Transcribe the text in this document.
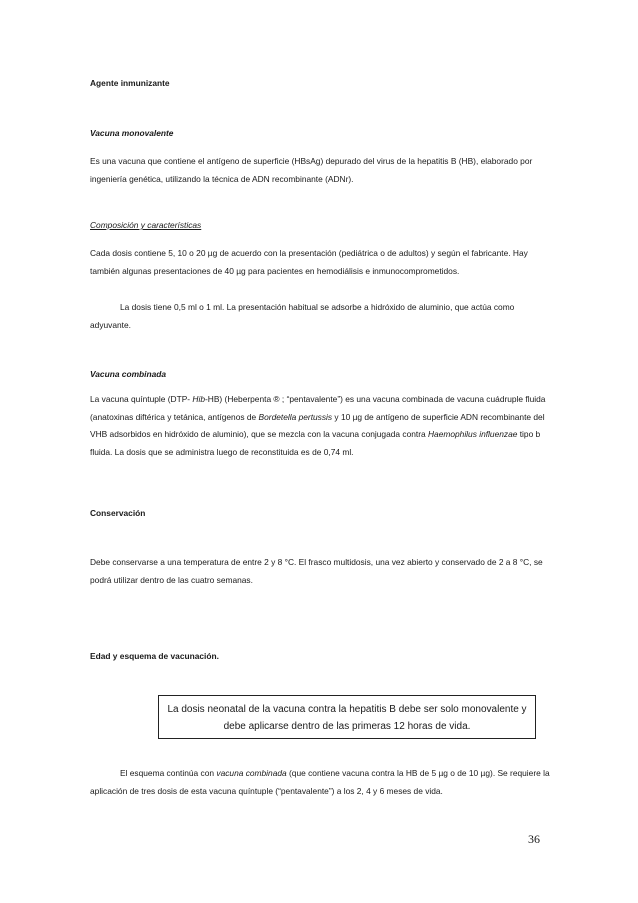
Agente inmunizante
Vacuna monovalente
Es una vacuna que contiene el antígeno de superficie (HBsAg) depurado del virus de la hepatitis B (HB), elaborado por ingeniería genética, utilizando la técnica de ADN recombinante (ADNr).
Composición y características
Cada dosis contiene 5, 10 o 20 µg de acuerdo con la presentación (pediátrica o de adultos) y según el fabricante. Hay también algunas presentaciones de 40 µg para pacientes en hemodiálisis e inmunocomprometidos.
La dosis tiene 0,5 ml o 1 ml. La presentación habitual se adsorbe a hidróxido de aluminio, que actúa como adyuvante.
Vacuna combinada
La vacuna quíntuple (DTP- Hib-HB) (Heberpenta ® ; “pentavalente”) es una vacuna combinada de vacuna cuádruple fluida (anatoxinas diftérica y tetánica, antígenos de Bordetella pertussis y 10 µg de antígeno de superficie ADN recombinante del VHB adsorbidos en hidróxido de aluminio), que se mezcla con la vacuna conjugada contra Haemophilus influenzae tipo b fluida. La dosis que se administra luego de reconstituida es de 0,74 ml.
Conservación
Debe conservarse a una temperatura de entre 2 y 8 °C. El frasco multidosis, una vez abierto y conservado de 2 a 8 °C, se podrá utilizar dentro de las cuatro semanas.
Edad y esquema de vacunación.
La dosis neonatal de la vacuna contra la hepatitis B debe ser solo monovalente y debe aplicarse dentro de las primeras 12 horas de vida.
El esquema continúa con vacuna combinada (que contiene vacuna contra la HB de 5 µg o de 10 µg). Se requiere la aplicación de tres dosis de esta vacuna quíntuple (“pentavalente”) a los 2, 4 y 6 meses de vida.
36
